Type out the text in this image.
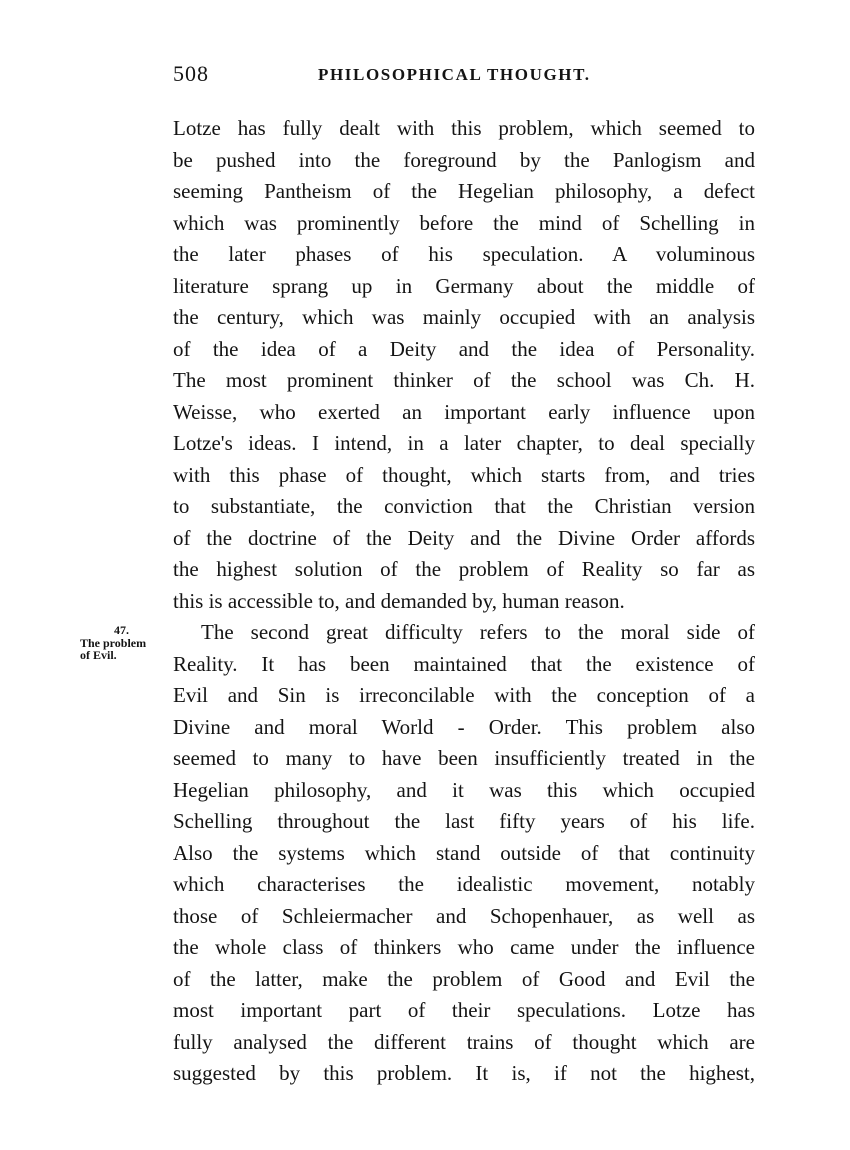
508	PHILOSOPHICAL THOUGHT.
47.
The problem
of Evil.
Lotze has fully dealt with this problem, which seemed to
be pushed into the foreground by the Panlogism and
seeming Pantheism of the Hegelian philosophy, a defect
which was prominently before the mind of Schelling in
the later phases of his speculation. A voluminous
literature sprang up in Germany about the middle of
the century, which was mainly occupied with an analysis
of the idea of a Deity and the idea of Personality.
The most prominent thinker of the school was Ch. H.
Weisse, who exerted an important early influence upon
Lotze's ideas. I intend, in a later chapter, to deal specially
with this phase of thought, which starts from, and tries
to substantiate, the conviction that the Christian version
of the doctrine of the Deity and the Divine Order affords
the highest solution of the problem of Reality so far as
this is accessible to, and demanded by, human reason.
The second great difficulty refers to the moral side of
Reality. It has been maintained that the existence of
Evil and Sin is irreconcilable with the conception of a
Divine and moral World - Order. This problem also
seemed to many to have been insufficiently treated in the
Hegelian philosophy, and it was this which occupied
Schelling throughout the last fifty years of his life.
Also the systems which stand outside of that continuity
which characterises the idealistic movement, notably
those of Schleiermacher and Schopenhauer, as well as
the whole class of thinkers who came under the influence
of the latter, make the problem of Good and Evil the
most important part of their speculations. Lotze has
fully analysed the different trains of thought which are
suggested by this problem. It is, if not the highest,
